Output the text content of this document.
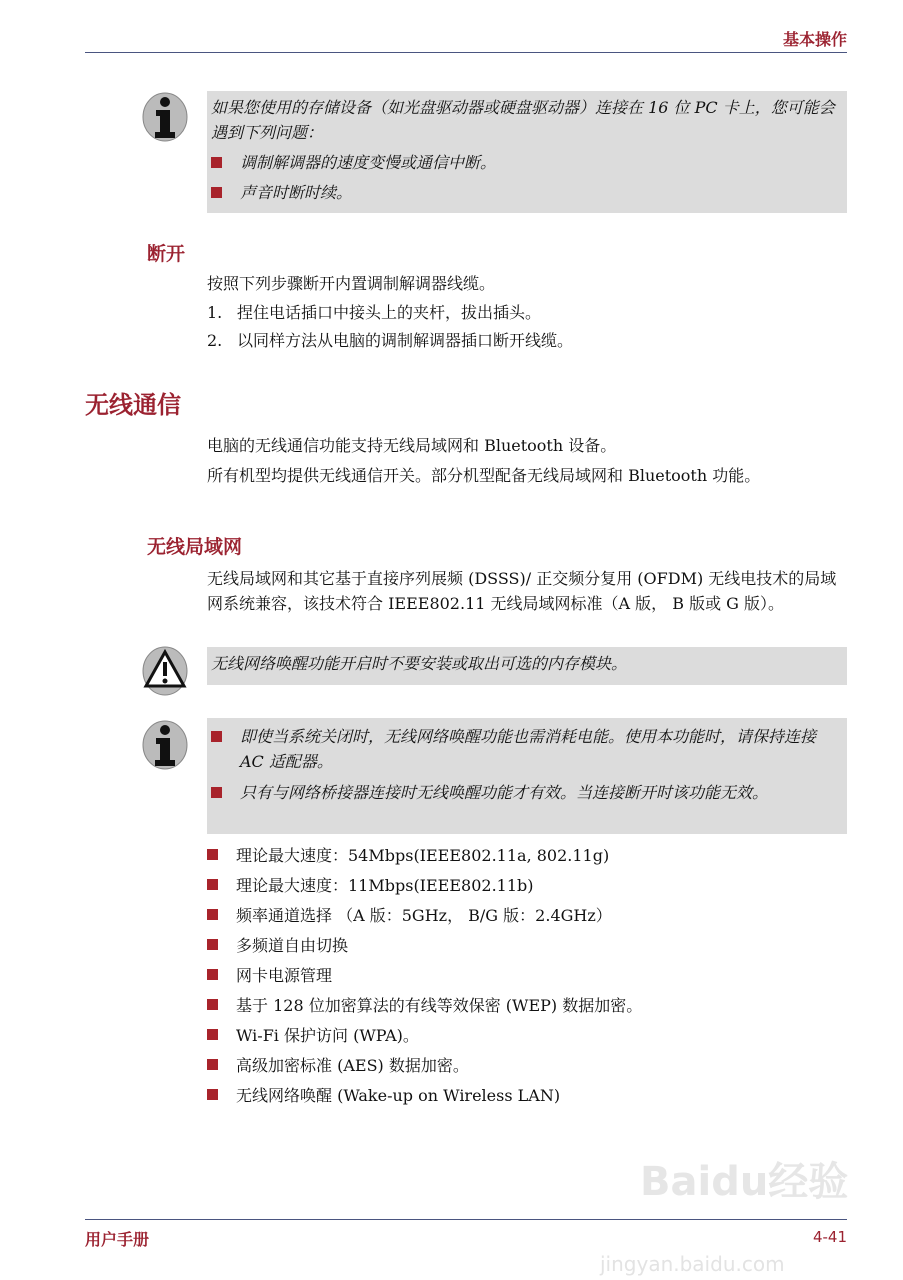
基本操作
如果您使用的存储设备（如光盘驱动器或硬盘驱动器）连接在 16 位 PC 卡上，您可能会遇到下列问题：
调制解调器的速度变慢或通信中断。
声音时断时续。
断开
按照下列步骤断开内置调制解调器线缆。
1. 捏住电话插口中接头上的夹杆，拔出插头。
2. 以同样方法从电脑的调制解调器插口断开线缆。
无线通信
电脑的无线通信功能支持无线局域网和 Bluetooth 设备。
所有机型均提供无线通信开关。部分机型配备无线局域网和 Bluetooth 功能。
无线局域网
无线局域网和其它基于直接序列展频 (DSSS)/ 正交频分复用 (OFDM) 无线电技术的局域网系统兼容，该技术符合 IEEE802.11 无线局域网标准（A 版， B 版或 G 版）。
无线网络唤醒功能开启时不要安装或取出可选的内存模块。
即使当系统关闭时，无线网络唤醒功能也需消耗电能。使用本功能时，请保持连接 AC 适配器。
只有与网络桥接器连接时无线唤醒功能才有效。当连接断开时该功能无效。
理论最大速度：54Mbps(IEEE802.11a, 802.11g)
理论最大速度：11Mbps(IEEE802.11b)
频率通道选择 （A 版：5GHz， B/G 版：2.4GHz）
多频道自由切换
网卡电源管理
基于 128 位加密算法的有线等效保密 (WEP) 数据加密。
Wi-Fi 保护访问 (WPA)。
高级加密标准 (AES) 数据加密。
无线网络唤醒 (Wake-up on Wireless LAN)
Baidu经验
用户手册	4-41
jingyan.baidu.com
